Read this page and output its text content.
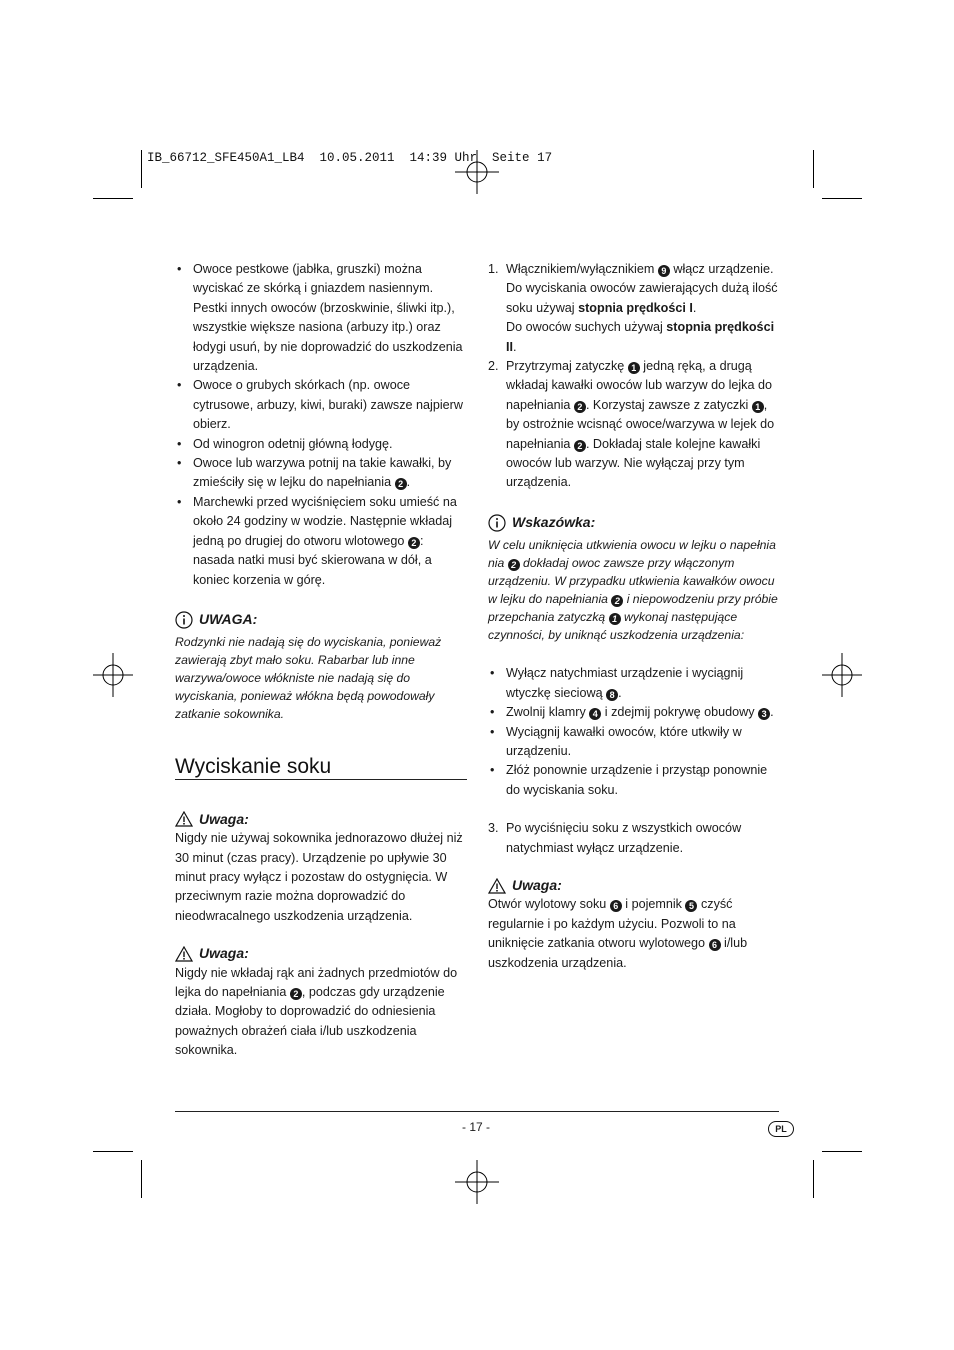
IB_66712_SFE450A1_LB4  10.05.2011  14:39 Uhr  Seite 17
• Owoce pestkowe (jabłka, gruszki) można wyciskać ze skórką i gniazdem nasiennym. Pestki innych owoców (brzoskwinie, śliwki itp.), wszystkie większe nasiona (arbuzy itp.) oraz łodygi usuń, by nie doprowadzić do uszkodzenia urządzenia.
• Owoce o grubych skórkach (np. owoce cytrusowe, arbuzy, kiwi, buraki) zawsze najpierw obierz.
• Od winogron odetnij główną łodygę.
• Owoce lub warzywa potnij na takie kawałki, by zmieściły się w lejku do napełniania 2 .
• Marchewki przed wyciśnięciem soku umieść na około 24 godziny w wodzie. Następnie wkładaj jedną po drugiej do otworu wlotowego 2 : nasada natki musi być skierowana w dół, a koniec korzenia w górę.
UWAGA:

Rodzynki nie nadają się do wyciskania, ponieważ zawierają zbyt mało soku. Rabarbar lub inne warzywa/owoce włókniste nie nadają się do wyciskania, ponieważ włókna będą powodowały zatkanie sokownika.

Wyciskanie soku
Uwaga:

Nigdy nie używaj sokownika jednorazowo dłużej niż 30 minut (czas pracy). Urządzenie po upływie 30 minut pracy wyłącz i pozostaw do ostygnięcia. W przeciwnym razie można doprowadzić do nieodwracalnego uszkodzenia urządzenia.

Uwaga:

Nigdy nie wkładaj rąk ani żadnych przedmiotów do lejka do napełniania 2 , podczas gdy urządzenie działa. Mogłoby to doprowadzić do odniesienia poważnych obrażeń ciała i/lub uszkodzenia sokownika.

1. Włącznikiem/wyłącznikiem 9 włącz urządzenie.
Do wyciskania owoców zawierających dużą ilość soku używaj stopnia prędkości I.
Do owoców suchych używaj stopnia prędkości II.
2. Przytrzymaj zatyczkę 1 jedną ręką, a drugą wkładaj kawałki owoców lub warzyw do lejka do napełniania 2 . Korzystaj zawsze z zatyczki 1 , by ostrożnie wcisnąć owoce/warzywa w lejek do napełniania 2 . Dokładaj stale kolejne kawałki owoców lub warzyw. Nie wyłączaj przy tym urządzenia.
Wskazówka:

W celu uniknięcia utkwienia owocu w lejku o napełnia nia 2 dokładaj owoc zawsze przy włączonym urządzeniu. W przypadku utkwienia kawałków owocu w lejku do napełniania 2 i niepowodzeniu przy próbie przepchania zatyczką 1 wykonaj następujące czynności, by uniknąć uszkodzenia urządzenia:

• Wyłącz natychmiast urządzenie i wyciągnij wtyczkę sieciową 8 .
• Zwolnij klamry 4 i zdejmij pokrywę obudowy 3 .
• Wyciągnij kawałki owoców, które utkwiły w urządzeniu.
• Złóż ponownie urządzenie i przystąp ponownie do wyciskania soku.
3. Po wyciśnięciu soku z wszystkich owoców natychmiast wyłącz urządzenie.
Uwaga:

Otwór wylotowy soku 6 i pojemnik 5 czyść regularnie i po każdym użyciu. Pozwoli to na uniknięcie zatkania otworu wylotowego 6 i/lub uszkodzenia urządzenia.

- 17 -	PL
